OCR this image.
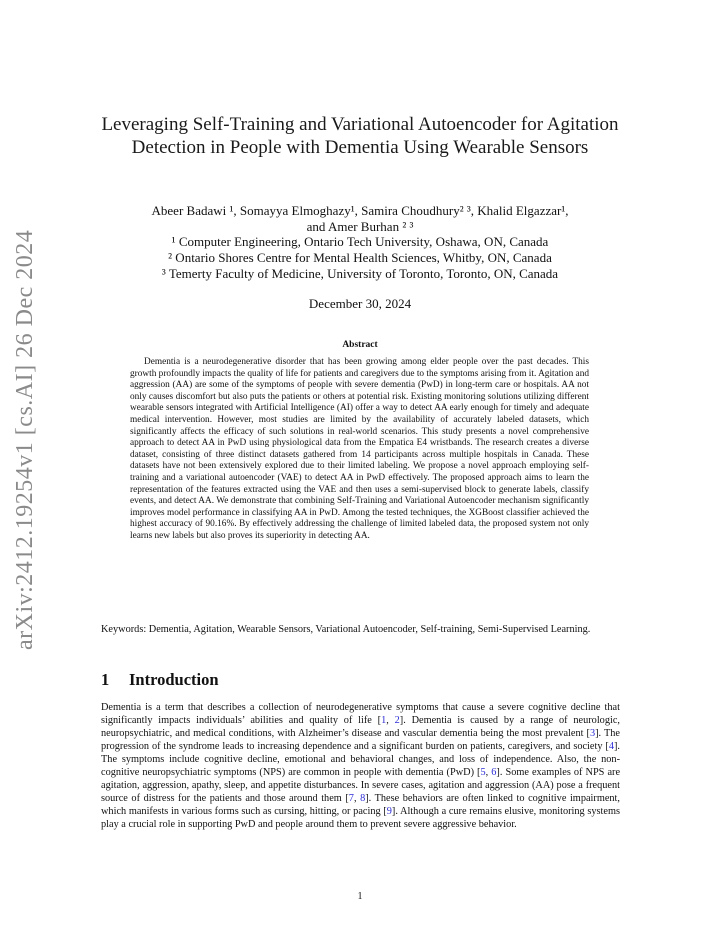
arXiv:2412.19254v1 [cs.AI] 26 Dec 2024
Leveraging Self-Training and Variational Autoencoder for Agitation Detection in People with Dementia Using Wearable Sensors
Abeer Badawi ¹, Somayya Elmoghazy¹, Samira Choudhury² ³, Khalid Elgazzar¹,
and Amer Burhan ² ³
¹ Computer Engineering, Ontario Tech University, Oshawa, ON, Canada
² Ontario Shores Centre for Mental Health Sciences, Whitby, ON, Canada
³ Temerty Faculty of Medicine, University of Toronto, Toronto, ON, Canada
December 30, 2024
Abstract
Dementia is a neurodegenerative disorder that has been growing among elder people over the past decades. This growth profoundly impacts the quality of life for patients and caregivers due to the symptoms arising from it. Agitation and aggression (AA) are some of the symptoms of people with severe dementia (PwD) in long-term care or hospitals. AA not only causes discomfort but also puts the patients or others at potential risk. Existing monitoring solutions utilizing different wearable sensors integrated with Artificial Intelligence (AI) offer a way to detect AA early enough for timely and adequate medical intervention. However, most studies are limited by the availability of accurately labeled datasets, which significantly affects the efficacy of such solutions in real-world scenarios. This study presents a novel comprehensive approach to detect AA in PwD using physiological data from the Empatica E4 wristbands. The research creates a diverse dataset, consisting of three distinct datasets gathered from 14 participants across multiple hospitals in Canada. These datasets have not been extensively explored due to their limited labeling. We propose a novel approach employing self-training and a variational autoencoder (VAE) to detect AA in PwD effectively. The proposed approach aims to learn the representation of the features extracted using the VAE and then uses a semi-supervised block to generate labels, classify events, and detect AA. We demonstrate that combining Self-Training and Variational Autoencoder mechanism significantly improves model performance in classifying AA in PwD. Among the tested techniques, the XGBoost classifier achieved the highest accuracy of 90.16%. By effectively addressing the challenge of limited labeled data, the proposed system not only learns new labels but also proves its superiority in detecting AA.
Keywords: Dementia, Agitation, Wearable Sensors, Variational Autoencoder, Self-training, Semi-Supervised Learning.
1 Introduction
Dementia is a term that describes a collection of neurodegenerative symptoms that cause a severe cognitive decline that significantly impacts individuals’ abilities and quality of life [1, 2]. Dementia is caused by a range of neurologic, neuropsychiatric, and medical conditions, with Alzheimer’s disease and vascular dementia being the most prevalent [3]. The progression of the syndrome leads to increasing dependence and a significant burden on patients, caregivers, and society [4]. The symptoms include cognitive decline, emotional and behavioral changes, and loss of independence. Also, the non-cognitive neuropsychiatric symptoms (NPS) are common in people with dementia (PwD) [5, 6]. Some examples of NPS are agitation, aggression, apathy, sleep, and appetite disturbances. In severe cases, agitation and aggression (AA) pose a frequent source of distress for the patients and those around them [7, 8]. These behaviors are often linked to cognitive impairment, which manifests in various forms such as cursing, hitting, or pacing [9]. Although a cure remains elusive, monitoring systems play a crucial role in supporting PwD and people around them to prevent severe aggressive behavior.
1
